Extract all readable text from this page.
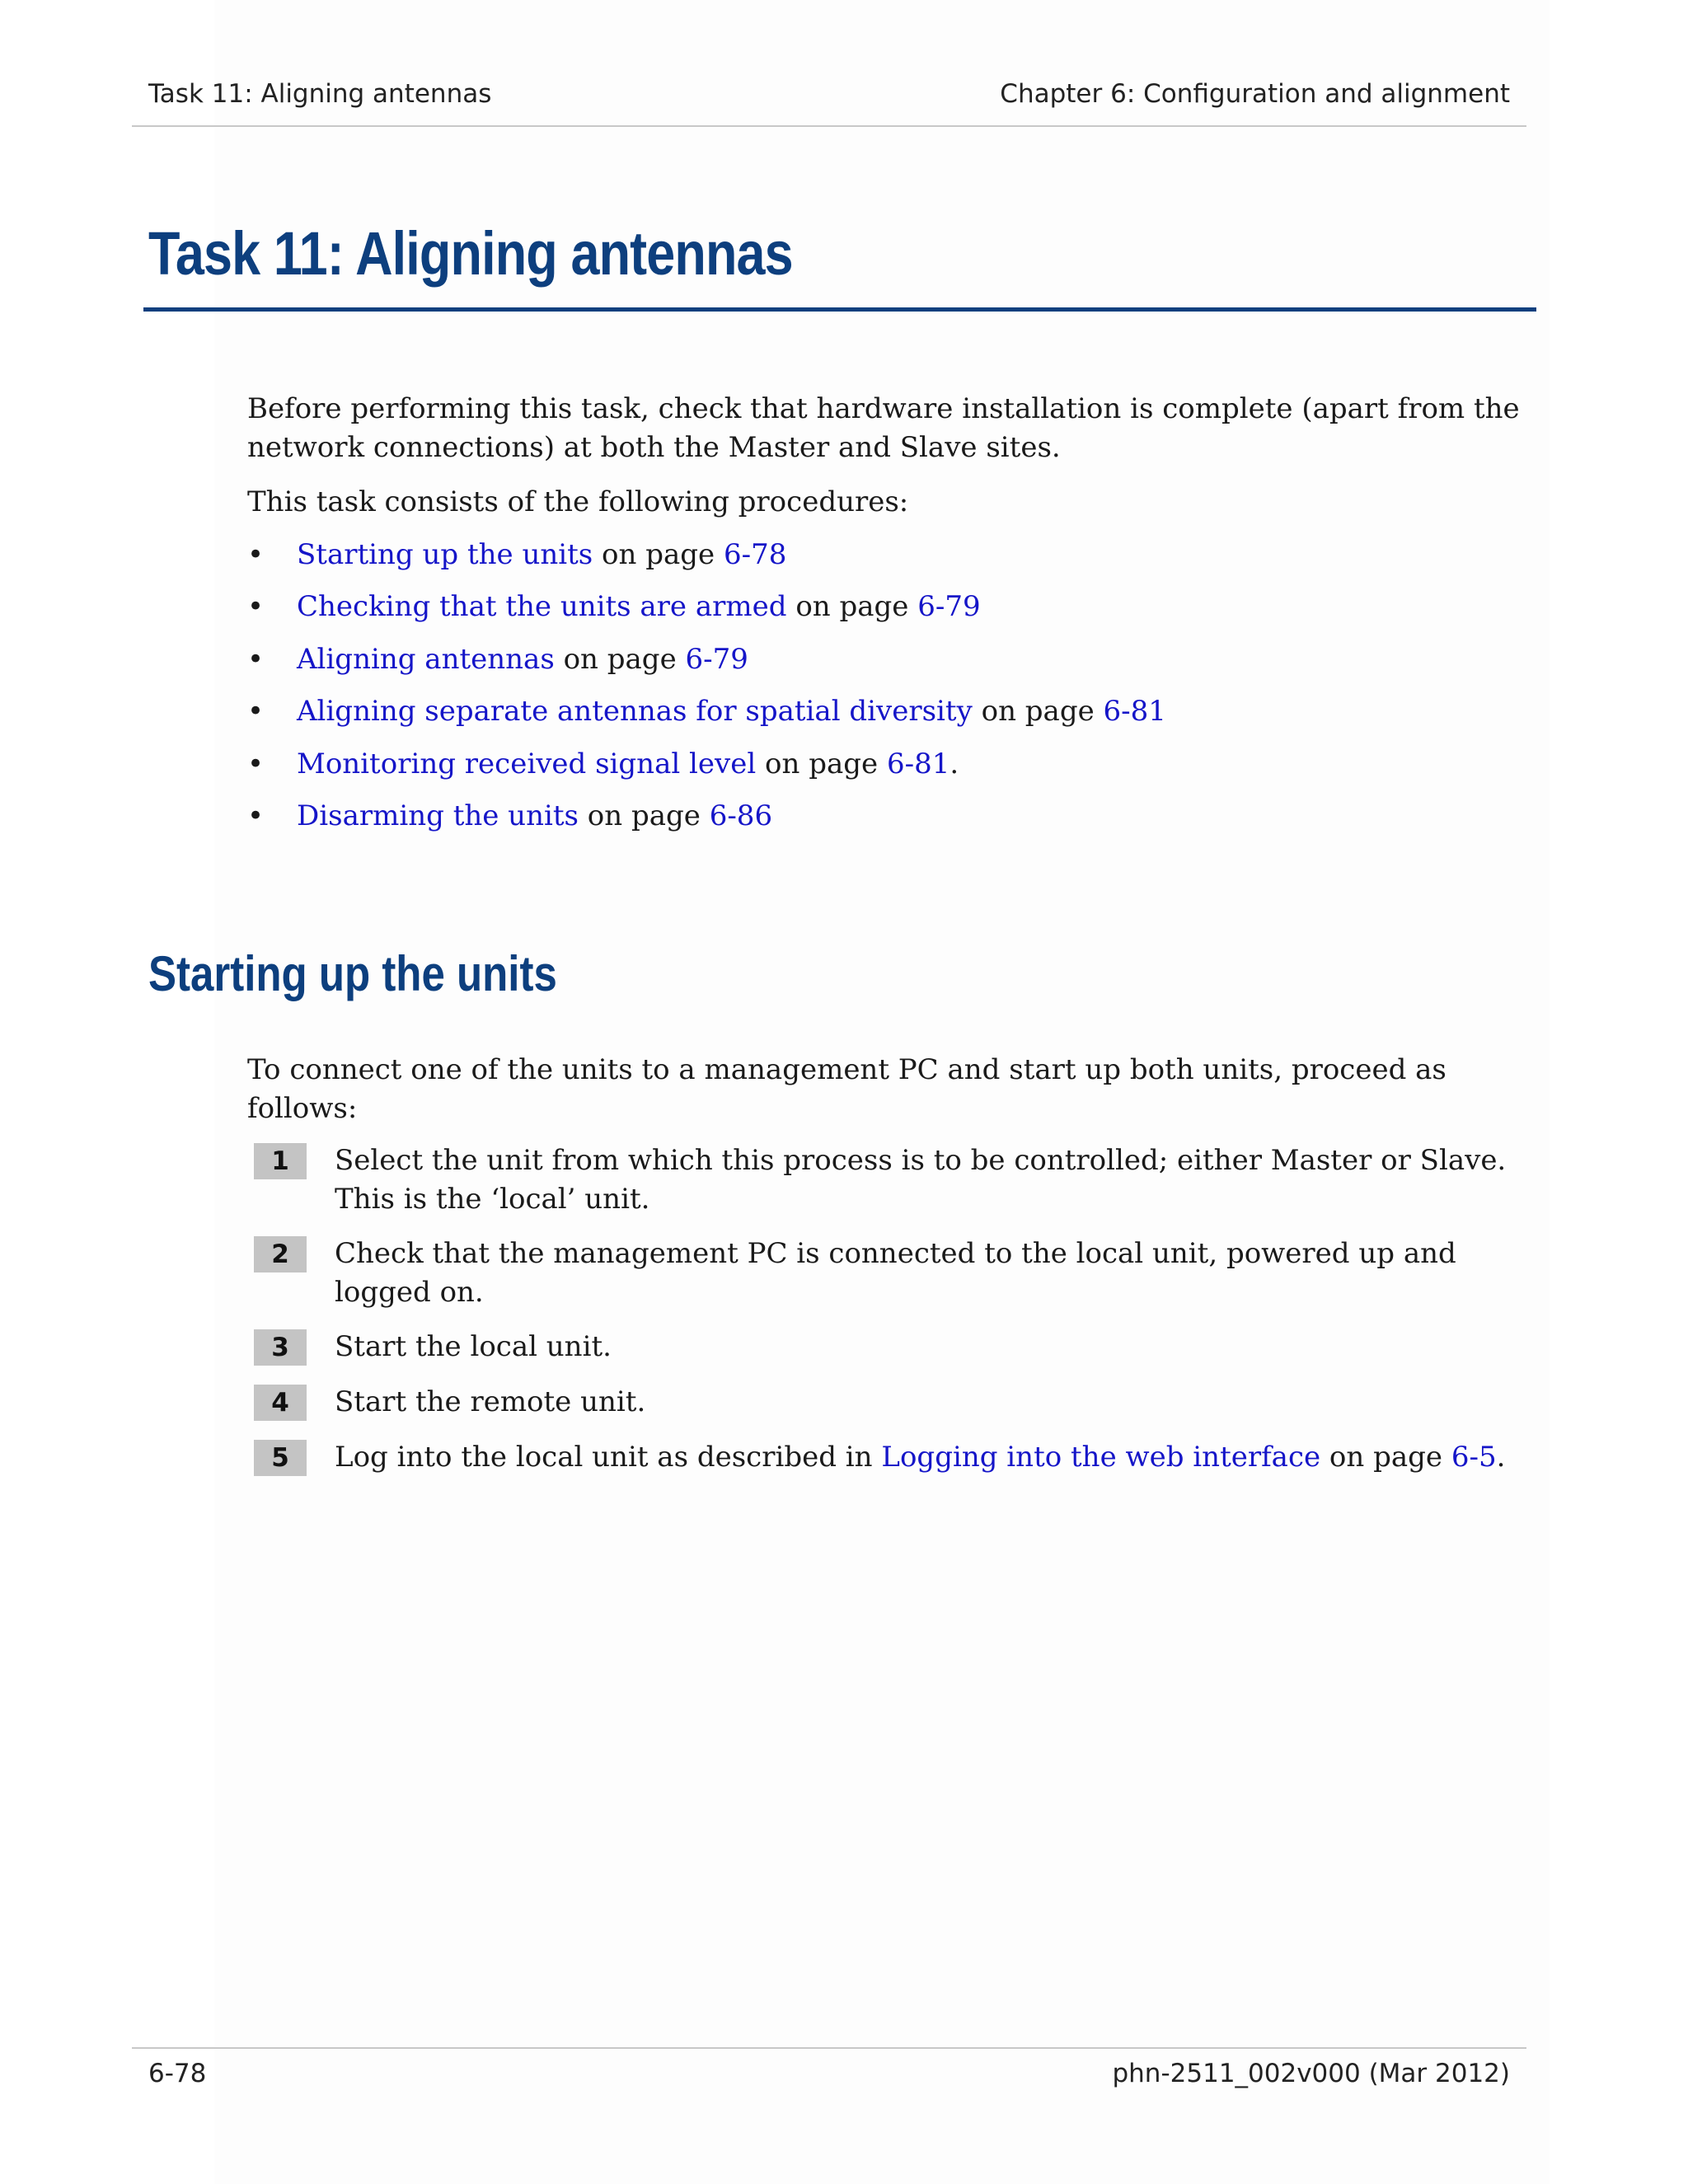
Task 11: Aligning antennas	Chapter 6: Configuration and alignment
Task 11: Aligning antennas

Before performing this task, check that hardware installation is complete (apart from the network connections) at both the Master and Slave sites.

This task consists of the following procedures:

• Starting up the units on page 6-78
• Checking that the units are armed on page 6-79
• Aligning antennas on page 6-79
• Aligning separate antennas for spatial diversity on page 6-81
• Monitoring received signal level on page 6-81.
• Disarming the units on page 6-86
Starting up the units

To connect one of the units to a management PC and start up both units, proceed as follows:

1	Select the unit from which this process is to be controlled; either Master or Slave. This is the ‘local’ unit.
2	Check that the management PC is connected to the local unit, powered up and logged on.
3	Start the local unit.
4	Start the remote unit.
5	Log into the local unit as described in Logging into the web interface on page 6-5.
6-78	phn-2511_002v000 (Mar 2012)
